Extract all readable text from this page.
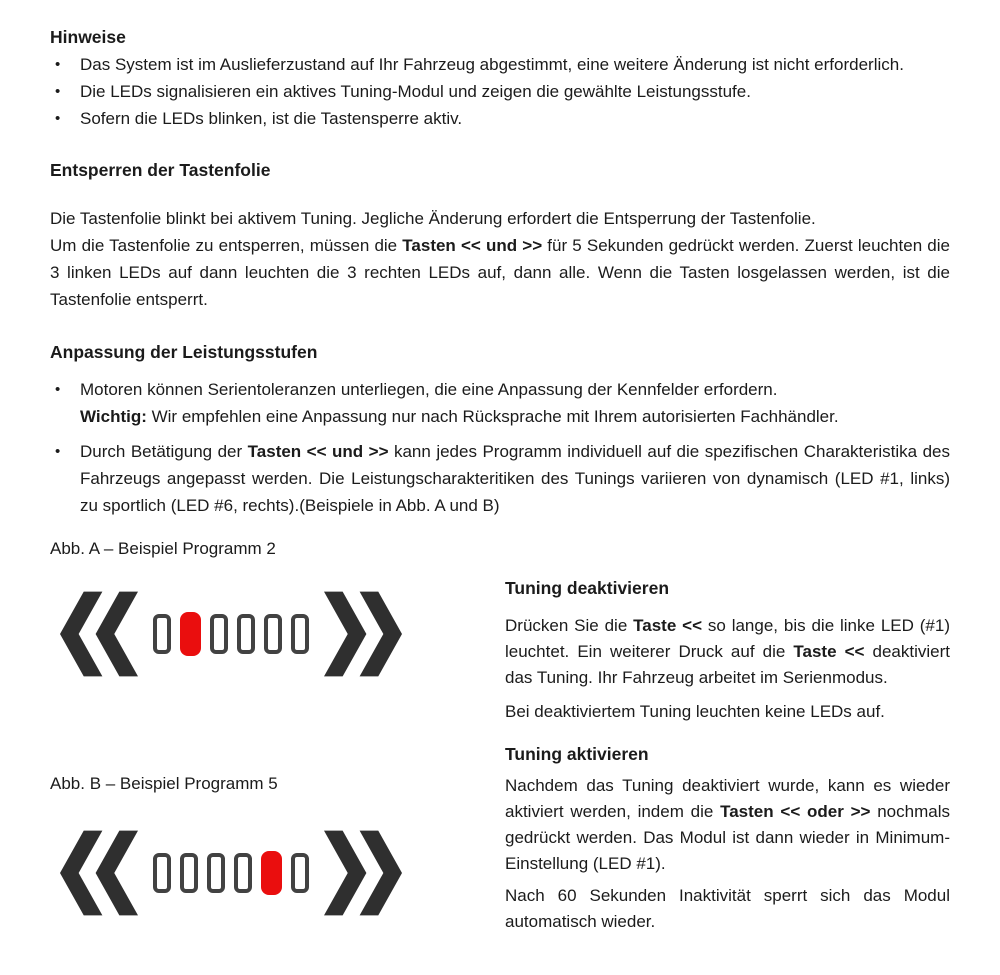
Hinweise
• Das System ist im Auslieferzustand auf Ihr Fahrzeug abgestimmt, eine weitere Änderung ist nicht erforderlich.
• Die LEDs signalisieren ein aktives Tuning-Modul und zeigen die gewählte Leistungsstufe.
• Sofern die LEDs blinken, ist die Tastensperre aktiv.
Entsperren der Tastenfolie

Die Tastenfolie blinkt bei aktivem Tuning. Jegliche Änderung erfordert die Entsperrung der Tastenfolie.

Um die Tastenfolie zu entsperren, müssen die Tasten << und >> für 5 Sekunden gedrückt werden. Zuerst leuchten die 3 linken LEDs auf dann leuchten die 3 rechten LEDs auf, dann alle. Wenn die Tasten losgelassen werden, ist die Tastenfolie entsperrt.

Anpassung der Leistungsstufen
• Motoren können Serientoleranzen unterliegen, die eine Anpassung der Kennfelder erfordern.
Wichtig: Wir empfehlen eine Anpassung nur nach Rücksprache mit Ihrem autorisierten Fachhändler.
• Durch Betätigung der Tasten << und >> kann jedes Programm individuell auf die spezifischen Charakteristika des Fahrzeugs angepasst werden. Die Leistungscharakteritiken des Tunings variieren von dynamisch (LED #1, links) zu sportlich (LED #6, rechts).(Beispiele in Abb. A und B)
Abb. A – Beispiel Programm 2
Abb. B – Beispiel Programm 5
Tuning deaktivieren

Drücken Sie die Taste << so lange, bis die linke LED (#1) leuchtet. Ein weiterer Druck auf die Taste << deaktiviert das Tuning. Ihr Fahrzeug arbeitet im Serienmodus.

Bei deaktiviertem Tuning leuchten keine LEDs auf.

Tuning aktivieren

Nachdem das Tuning deaktiviert wurde, kann es wieder aktiviert werden, indem die Tasten << oder >> nochmals gedrückt werden. Das Modul ist dann wieder in Minimum-Einstellung (LED #1).

Nach 60 Sekunden Inaktivität sperrt sich das Modul automatisch wieder.
